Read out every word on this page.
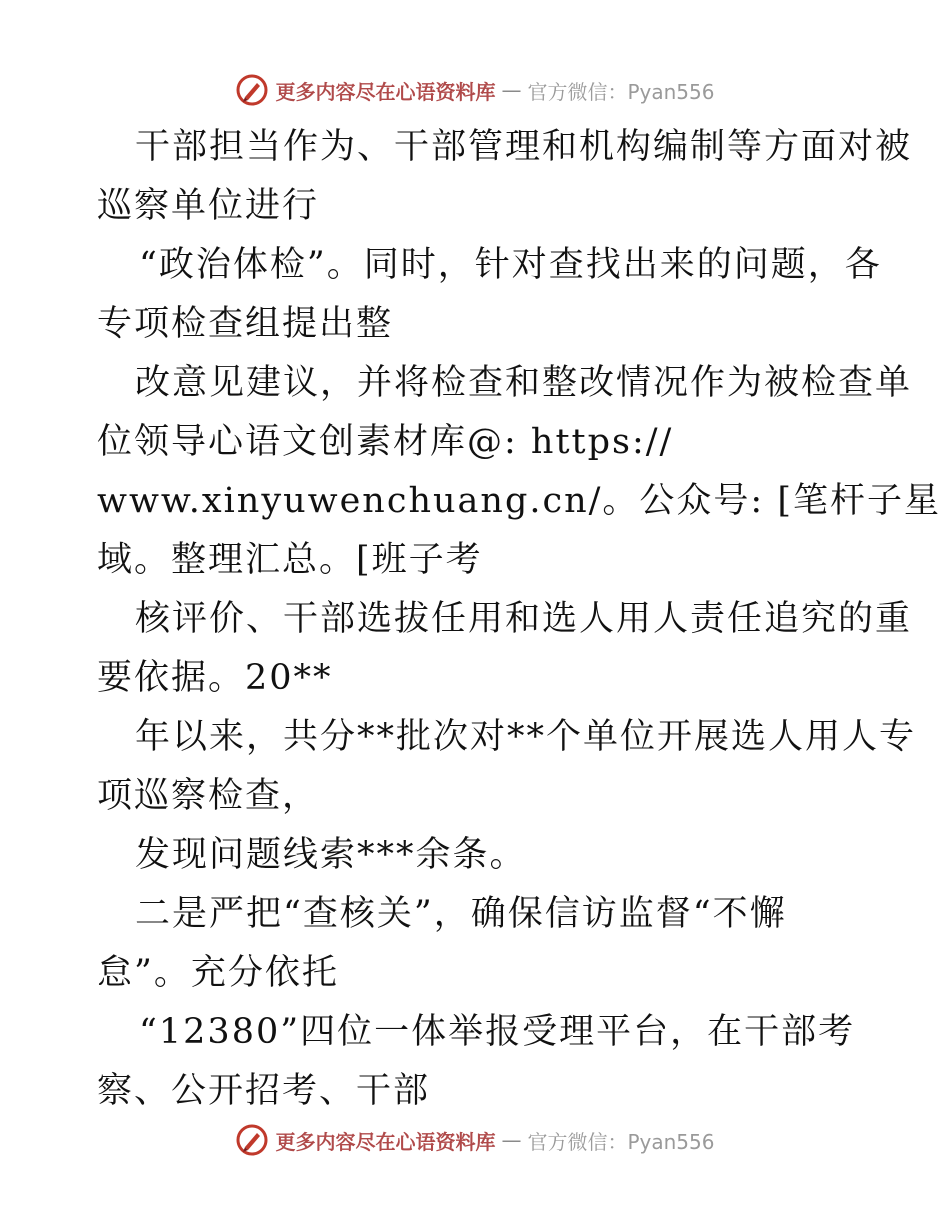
更多内容尽在心语资料库 — 官方微信：Pyan556
干部担当作为、干部管理和机构编制等方面对被
巡察单位进行
“政治体检”。同时，针对查找出来的问题，各
专项检查组提出整
改意见建议，并将检查和整改情况作为被检查单
位领导心语文创素材库@: https://
www.xinyuwenchuang.cn/。公众号: [笔杆子星
域。整理汇总。[班子考
核评价、干部选拔任用和选人用人责任追究的重
要依据。20**
年以来，共分**批次对**个单位开展选人用人专
项巡察检查，
发现问题线索***余条。
二是严把“查核关”，确保信访监督“不懈
怠”。充分依托
“12380”四位一体举报受理平台，在干部考
察、公开招考、干部
更多内容尽在心语资料库 — 官方微信：Pyan556
